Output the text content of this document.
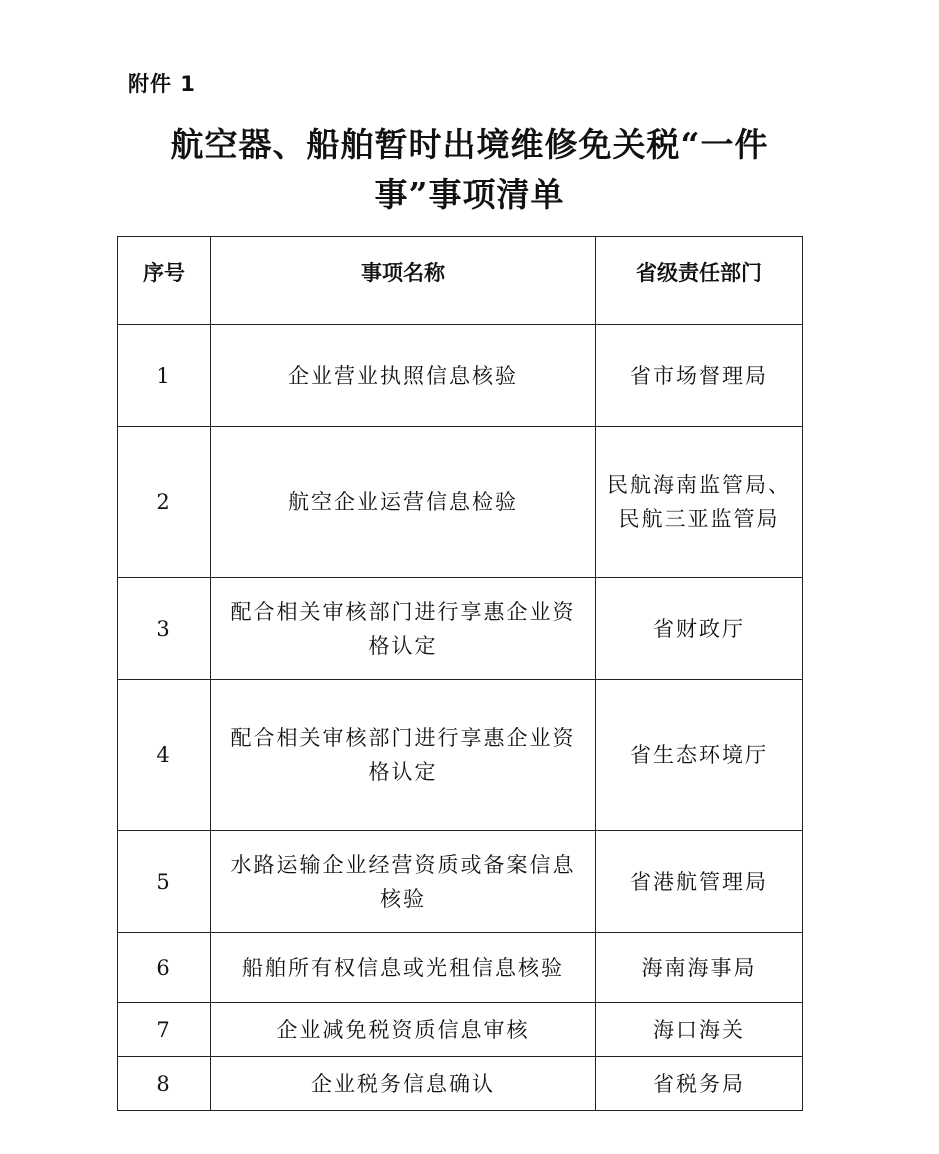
附件 1
航空器、船舶暂时出境维修免关税“一件
事”事项清单
序号	事项名称	省级责任部门
1	企业营业执照信息核验	省市场督理局
2	航空企业运营信息检验	民航海南监管局、民航三亚监管局
3	配合相关审核部门进行享惠企业资格认定	省财政厅
4	配合相关审核部门进行享惠企业资格认定	省生态环境厅
5	水路运输企业经营资质或备案信息核验	省港航管理局
6	船舶所有权信息或光租信息核验	海南海事局
7	企业减免税资质信息审核	海口海关
8	企业税务信息确认	省税务局
